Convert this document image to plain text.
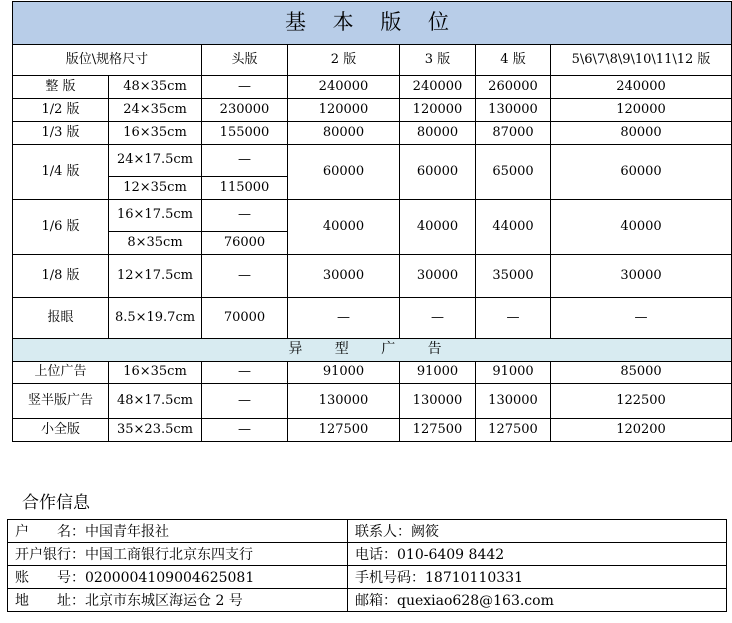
基 本 版 位						
版位\规格尺寸		头版	2 版	3 版	4 版	5\6\7\8\9\10\11\12 版
整 版	48×35cm	—	240000	240000	260000	240000
1/2 版	24×35cm	230000	120000	120000	130000	120000
1/3 版	16×35cm	155000	80000	80000	87000	80000
1/4 版	24×17.5cm	—	60000	60000	65000	60000
	12×35cm	115000				
1/6 版	16×17.5cm	—	40000	40000	44000	40000
	8×35cm	76000				
1/8 版	12×17.5cm	—	30000	30000	35000	30000
报眼	8.5×19.7cm	70000	—	—	—	—
异 型 广 告						
上位广告	16×35cm	—	91000	91000	91000	85000
竖半版广告	48×17.5cm	—	130000	130000	130000	122500
小全版	35×23.5cm	—	127500	127500	127500	120200
合作信息
户　　名：中国青年报社	联系人：阙筱
开户银行：中国工商银行北京东四支行	电话：010-6409 8442
账　　号：0200004109004625081	手机号码：18710110331
地　　址：北京市东城区海运仓 2 号	邮箱：quexiao628@163.com
